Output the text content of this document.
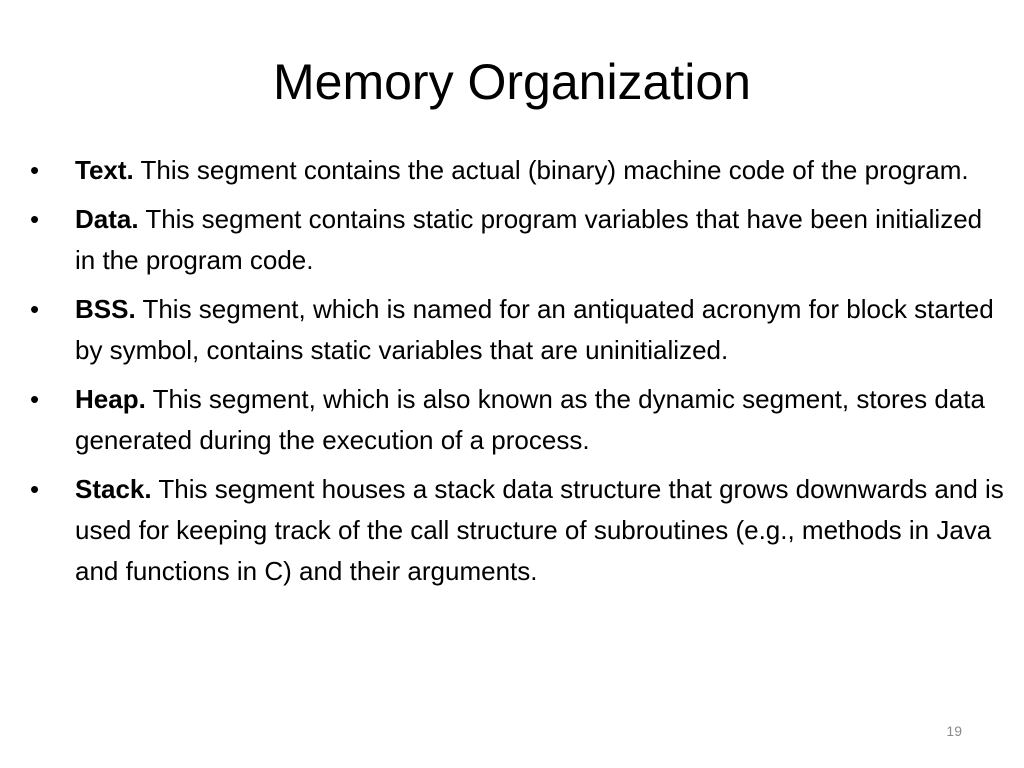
Memory Organization
•	Text. This segment contains the actual (binary) machine code of the program.
•	Data. This segment contains static program variables that have been initialized in the program code.
•	BSS. This segment, which is named for an antiquated acronym for block started by symbol, contains static variables that are uninitialized.
•	Heap. This segment, which is also known as the dynamic segment, stores data generated during the execution of a process.
•	Stack. This segment houses a stack data structure that grows downwards and is used for keeping track of the call structure of subroutines (e.g., methods in Java and functions in C) and their arguments.
19
